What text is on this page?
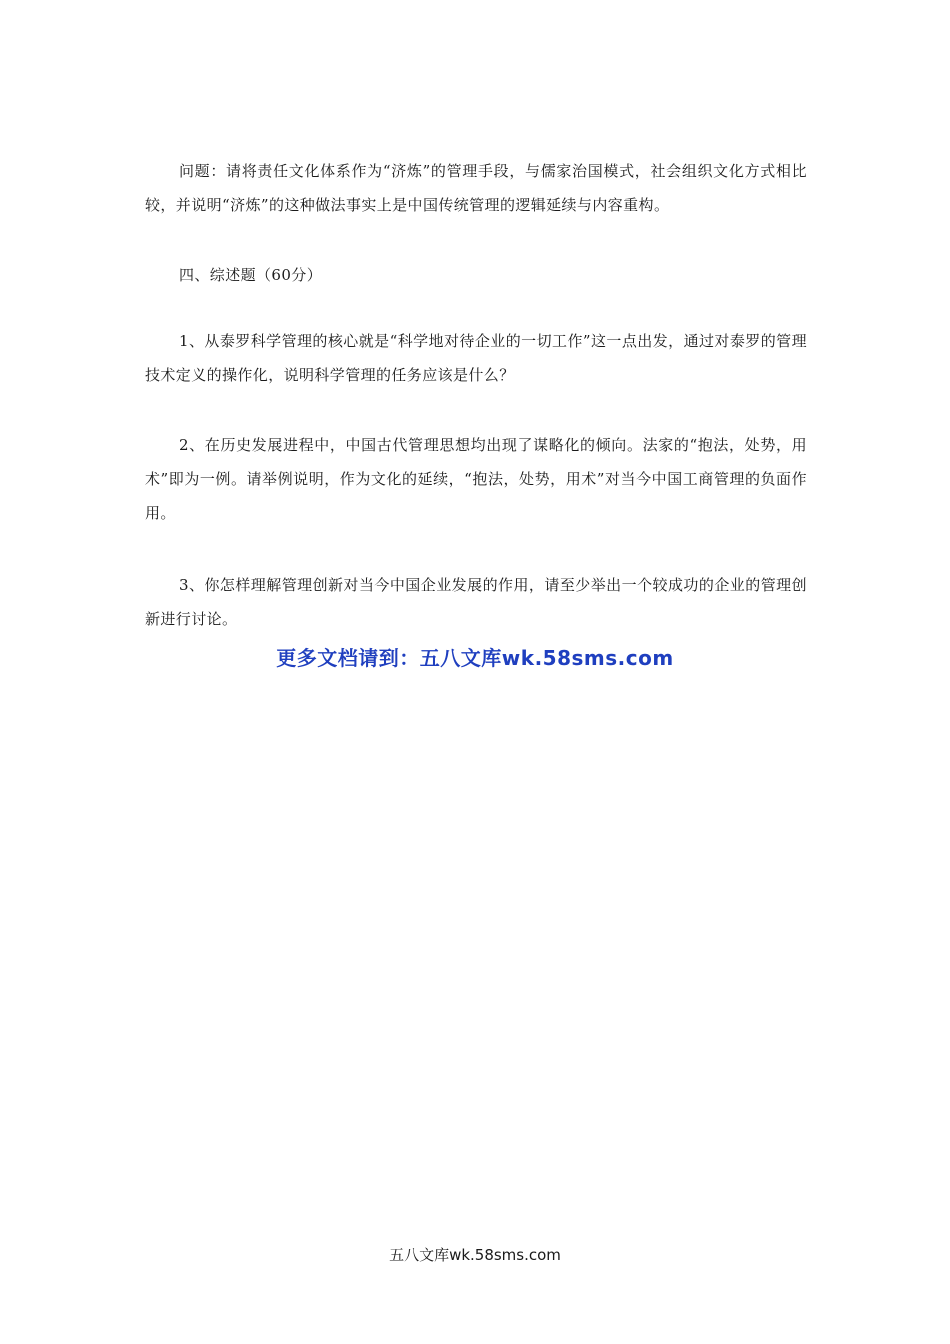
问题：请将责任文化体系作为“济炼”的管理手段，与儒家治国模式，社会组织文化方式相比较，并说明“济炼”的这种做法事实上是中国传统管理的逻辑延续与内容重构。

四、综述题（60分）

1、从泰罗科学管理的核心就是“科学地对待企业的一切工作”这一点出发，通过对泰罗的管理技术定义的操作化，说明科学管理的任务应该是什么？

2、在历史发展进程中，中国古代管理思想均出现了谋略化的倾向。法家的“抱法，处势，用术”即为一例。请举例说明，作为文化的延续，“抱法，处势，用术”对当今中国工商管理的负面作用。

3、你怎样理解管理创新对当今中国企业发展的作用，请至少举出一个较成功的企业的管理创新进行讨论。

更多文档请到：五八文库wk.58sms.com
五八文库wk.58sms.com
